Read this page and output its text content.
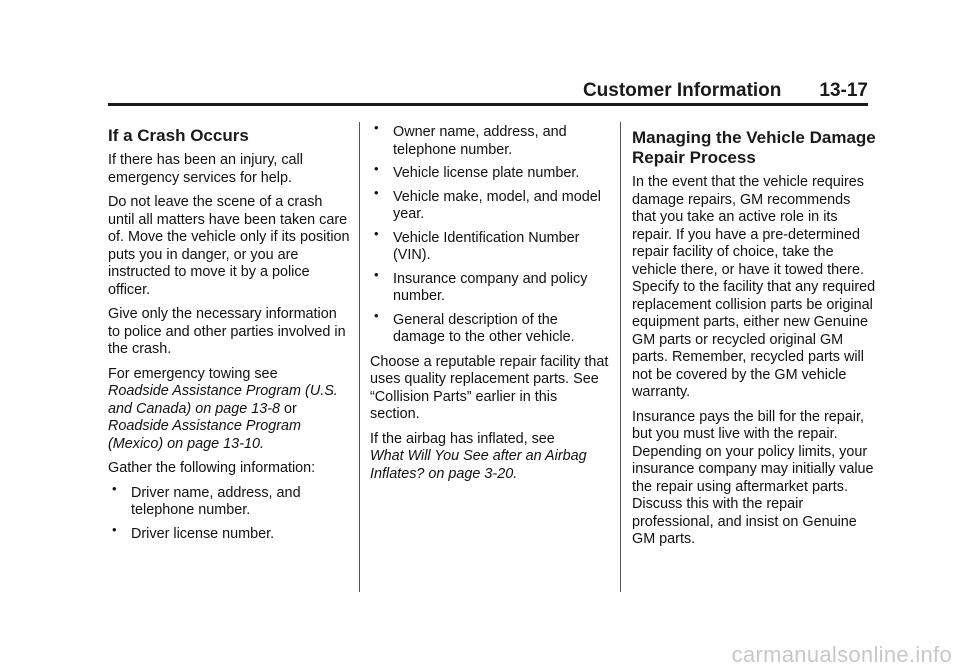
Customer Information 13-17
If a Crash Occurs

If there has been an injury, call emergency services for help.

Do not leave the scene of a crash until all matters have been taken care of. Move the vehicle only if its position puts you in danger, or you are instructed to move it by a police officer.

Give only the necessary information to police and other parties involved in the crash.

For emergency towing see
Roadside Assistance Program (U.S. and Canada) on page 13-8 or Roadside Assistance Program (Mexico) on page 13-10.

Gather the following information:

• Driver name, address, and telephone number.
• Driver license number.
• Owner name, address, and telephone number.
• Vehicle license plate number.
• Vehicle make, model, and model year.
• Vehicle Identification Number (VIN).
• Insurance company and policy number.
• General description of the damage to the other vehicle.

Choose a reputable repair facility that uses quality replacement parts. See “Collision Parts” earlier in this section.

If the airbag has inflated, see
What Will You See after an Airbag Inflates? on page 3-20.

Managing the Vehicle Damage Repair Process

In the event that the vehicle requires damage repairs, GM recommends that you take an active role in its repair. If you have a pre-determined repair facility of choice, take the vehicle there, or have it towed there. Specify to the facility that any required replacement collision parts be original equipment parts, either new Genuine GM parts or recycled original GM parts. Remember, recycled parts will not be covered by the GM vehicle warranty.

Insurance pays the bill for the repair, but you must live with the repair. Depending on your policy limits, your insurance company may initially value the repair using aftermarket parts. Discuss this with the repair professional, and insist on Genuine GM parts.

carmanualsonline.info
